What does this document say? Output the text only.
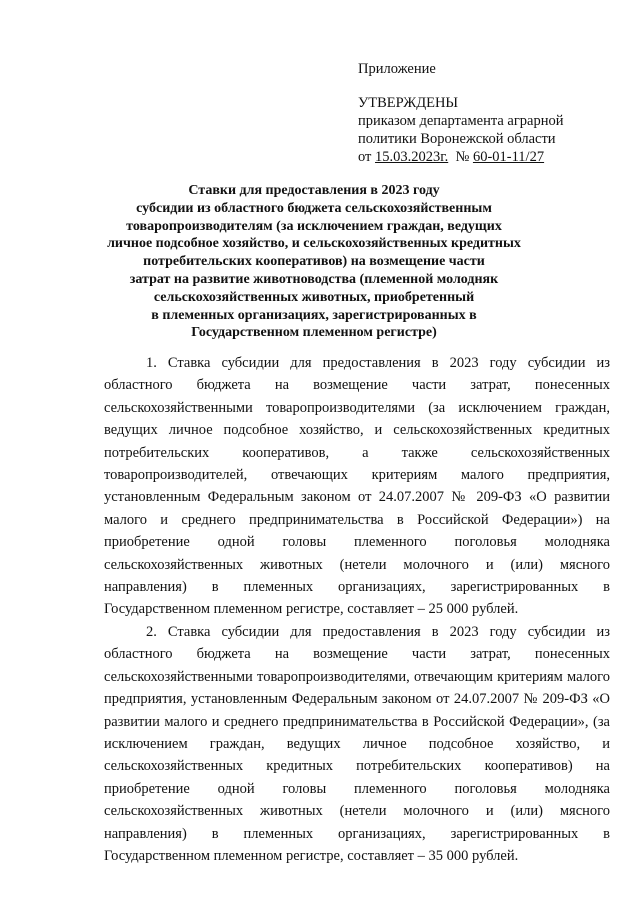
Приложение
УТВЕРЖДЕНЫ
приказом департамента аграрной
политики Воронежской области
от 15.03.2023г.  № 60-01-11/27
Ставки для предоставления в 2023 году
субсидии из областного бюджета сельскохозяйственным
товаропроизводителям (за исключением граждан, ведущих
личное подсобное хозяйство, и сельскохозяйственных кредитных
потребительских кооперативов) на возмещение части
затрат на развитие животноводства (племенной молодняк
сельскохозяйственных животных, приобретенный
в племенных организациях, зарегистрированных в
Государственном племенном регистре)

1. Ставка субсидии для предоставления в 2023 году субсидии из областного бюджета на возмещение части затрат, понесенных сельскохозяйственными товаропроизводителями (за исключением граждан, ведущих личное подсобное хозяйство, и сельскохозяйственных кредитных потребительских кооперативов, а также сельскохозяйственных товаропроизводителей, отвечающих критериям малого предприятия, установленным Федеральным законом от 24.07.2007 № 209-ФЗ «О развитии малого и среднего предпринимательства в Российской Федерации») на приобретение одной головы племенного поголовья молодняка сельскохозяйственных животных (нетели молочного и (или) мясного направления) в племенных организациях, зарегистрированных в Государственном племенном регистре, составляет – 25 000 рублей.

2. Ставка субсидии для предоставления в 2023 году субсидии из областного бюджета на возмещение части затрат, понесенных сельскохозяйственными товаропроизводителями, отвечающим критериям малого предприятия, установленным Федеральным законом от 24.07.2007 № 209-ФЗ «О развитии малого и среднего предпринимательства в Российской Федерации», (за исключением граждан, ведущих личное подсобное хозяйство, и сельскохозяйственных кредитных потребительских кооперативов) на приобретение одной головы племенного поголовья молодняка сельскохозяйственных животных (нетели молочного и (или) мясного направления) в племенных организациях, зарегистрированных в Государственном племенном регистре, составляет – 35 000 рублей.
